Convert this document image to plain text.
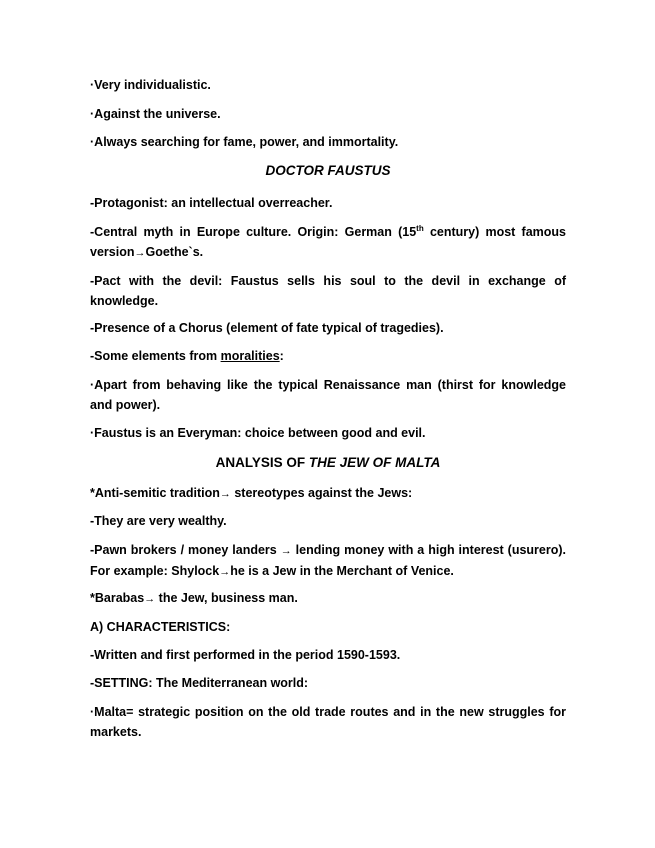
·Very individualistic.

·Against the universe.

·Always searching for fame, power, and immortality.

DOCTOR FAUSTUS

-Protagonist: an intellectual overreacher.

-Central myth in Europe culture. Origin: German (15th century) most famous version→Goethe`s.

-Pact with the devil: Faustus sells his soul to the devil in exchange of knowledge.

-Presence of a Chorus (element of fate typical of tragedies).

-Some elements from moralities:

·Apart from behaving like the typical Renaissance man (thirst for knowledge and power).

·Faustus is an Everyman: choice between good and evil.

ANALYSIS OF THE JEW OF MALTA

*Anti-semitic tradition→ stereotypes against the Jews:

-They are very wealthy.

-Pawn brokers / money landers → lending money with a high interest (usurero). For example: Shylock→he is a Jew in the Merchant of Venice.

*Barabas→ the Jew, business man.

A) CHARACTERISTICS:

-Written and first performed in the period 1590-1593.

-SETTING: The Mediterranean world:

·Malta= strategic position on the old trade routes and in the new struggles for markets.
